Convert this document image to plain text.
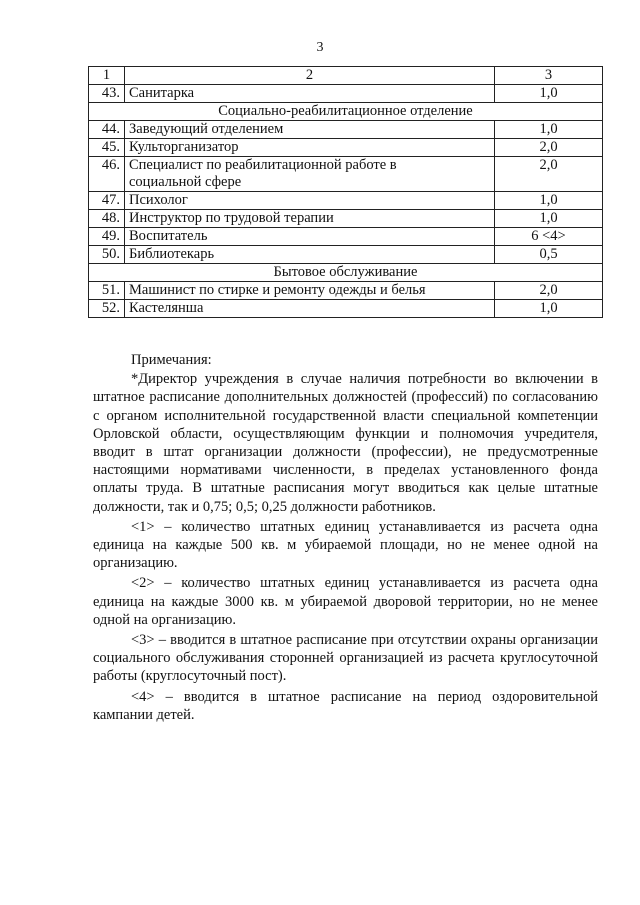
3
1	2	3
43.	Санитарка	1,0
Социально-реабилитационное отделение		
44.	Заведующий отделением	1,0
45.	Культорганизатор	2,0
46.	Специалист по реабилитационной работе в социальной сфере	2,0
47.	Психолог	1,0
48.	Инструктор по трудовой терапии	1,0
49.	Воспитатель	6 <4>
50.	Библиотекарь	0,5
Бытовое обслуживание		
51.	Машинист по стирке и ремонту одежды и белья	2,0
52.	Кастелянша	1,0

Примечания:

*Директор учреждения в случае наличия потребности во включении в штатное расписание дополнительных должностей (профессий) по согласованию с органом исполнительной государственной власти специальной компетенции Орловской области, осуществляющим функции и полномочия учредителя, вводит в штат организации должности (профессии), не предусмотренные настоящими нормативами численности, в пределах установленного фонда оплаты труда. В штатные расписания могут вводиться как целые штатные должности, так и 0,75; 0,5; 0,25 должности работников.

<1> – количество штатных единиц устанавливается из расчета одна единица на каждые 500 кв. м убираемой площади, но не менее одной на организацию.

<2> – количество штатных единиц устанавливается из расчета одна единица на каждые 3000 кв. м убираемой дворовой территории, но не менее одной на организацию.

<3> – вводится в штатное расписание при отсутствии охраны организации социального обслуживания сторонней организацией из расчета круглосуточной работы (круглосуточный пост).

<4> – вводится в штатное расписание на период оздоровительной кампании детей.
